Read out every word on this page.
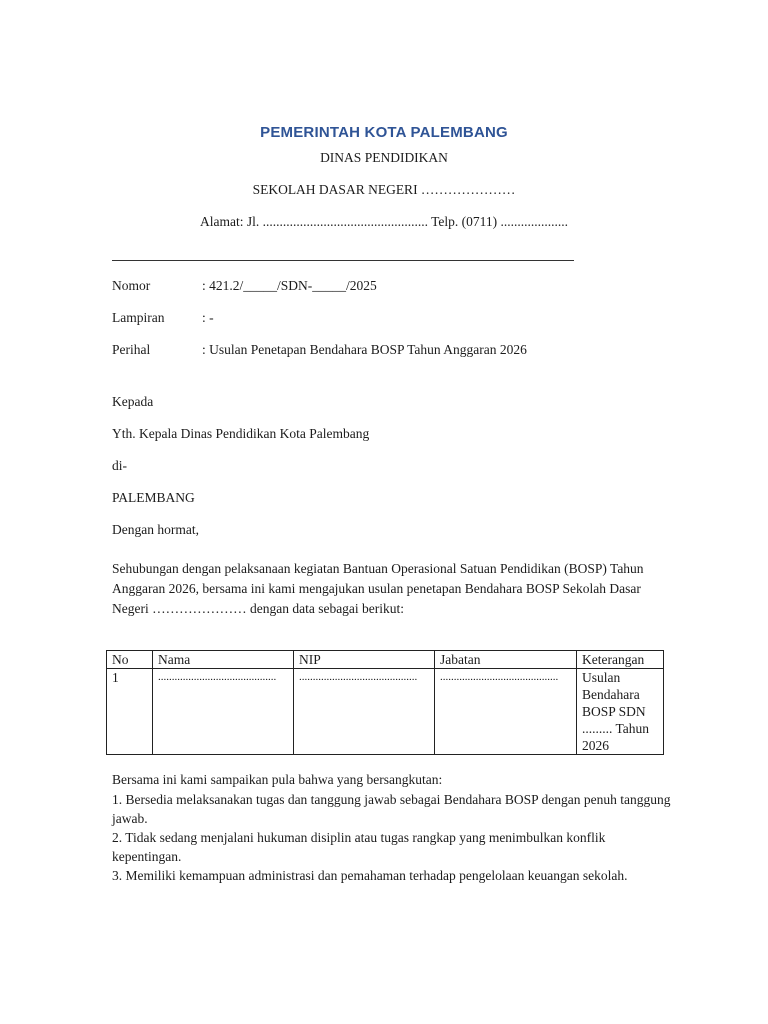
PEMERINTAH KOTA PALEMBANG
DINAS PENDIDIKAN
SEKOLAH DASAR NEGERI …………………
Alamat: Jl. ................................................. Telp. (0711) ....................
Nomor	: 421.2/_____/SDN-_____/2025
Lampiran	: -
Perihal	: Usulan Penetapan Bendahara BOSP Tahun Anggaran 2026
Kepada
Yth. Kepala Dinas Pendidikan Kota Palembang
di-
PALEMBANG
Dengan hormat,
Sehubungan dengan pelaksanaan kegiatan Bantuan Operasional Satuan Pendidikan (BOSP) Tahun Anggaran 2026, bersama ini kami mengajukan usulan penetapan Bendahara BOSP Sekolah Dasar Negeri ………………… dengan data sebagai berikut:
No	Nama	NIP	Jabatan	Keterangan
1	...........................................	...........................................	...........................................	Usulan Bendahara BOSP SDN ......... Tahun 2026
Bersama ini kami sampaikan pula bahwa yang bersangkutan:
1. Bersedia melaksanakan tugas dan tanggung jawab sebagai Bendahara BOSP dengan penuh tanggung jawab.
2. Tidak sedang menjalani hukuman disiplin atau tugas rangkap yang menimbulkan konflik kepentingan.
3. Memiliki kemampuan administrasi dan pemahaman terhadap pengelolaan keuangan sekolah.
